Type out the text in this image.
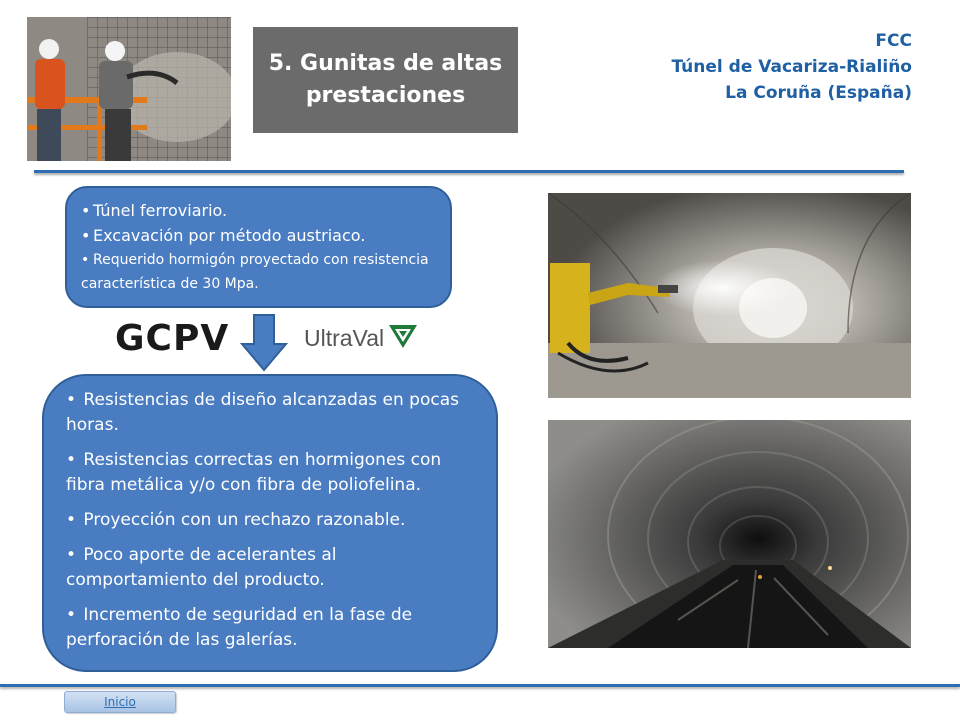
5. Gunitas de altas
prestaciones
FCC
Túnel de Vacariza-Rialiño
La Coruña (España)
• Túnel ferroviario.
• Excavación por método austriaco.
• Requerido hormigón proyectado con resistencia característica de 30 Mpa.
GCPV	UltraVal
• Resistencias de diseño alcanzadas en pocas horas.
• Resistencias correctas en hormigones con fibra metálica y/o con fibra de poliofelina.
• Proyección con un rechazo razonable.
• Poco aporte de acelerantes al comportamiento del producto.
• Incremento de seguridad en la fase de perforación de las galerías.
Inicio
